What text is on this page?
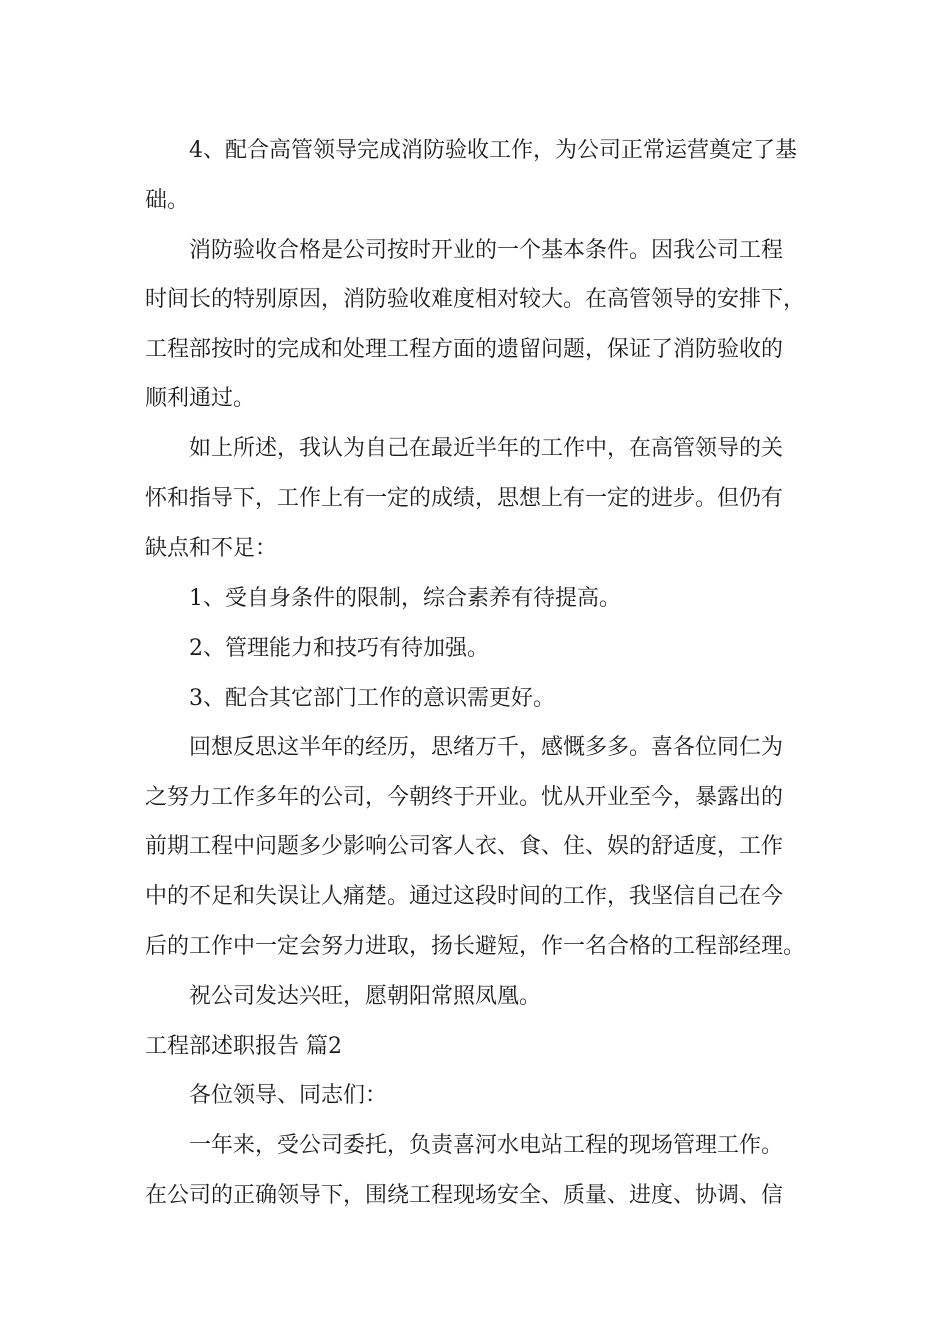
4、配合高管领导完成消防验收工作，为公司正常运营奠定了基
础。
消防验收合格是公司按时开业的一个基本条件。因我公司工程
时间长的特别原因，消防验收难度相对较大。在高管领导的安排下，
工程部按时的完成和处理工程方面的遗留问题，保证了消防验收的
顺利通过。
如上所述，我认为自己在最近半年的工作中，在高管领导的关
怀和指导下，工作上有一定的成绩，思想上有一定的进步。但仍有
缺点和不足：
1、受自身条件的限制，综合素养有待提高。
2、管理能力和技巧有待加强。
3、配合其它部门工作的意识需更好。
回想反思这半年的经历，思绪万千，感慨多多。喜各位同仁为
之努力工作多年的公司，今朝终于开业。忧从开业至今，暴露出的
前期工程中问题多少影响公司客人衣、食、住、娱的舒适度，工作
中的不足和失误让人痛楚。通过这段时间的工作，我坚信自己在今
后的工作中一定会努力进取，扬长避短，作一名合格的工程部经理。
祝公司发达兴旺，愿朝阳常照凤凰。
工程部述职报告 篇2
各位领导、同志们：
一年来，受公司委托，负责喜河水电站工程的现场管理工作。
在公司的正确领导下，围绕工程现场安全、质量、进度、协调、信
